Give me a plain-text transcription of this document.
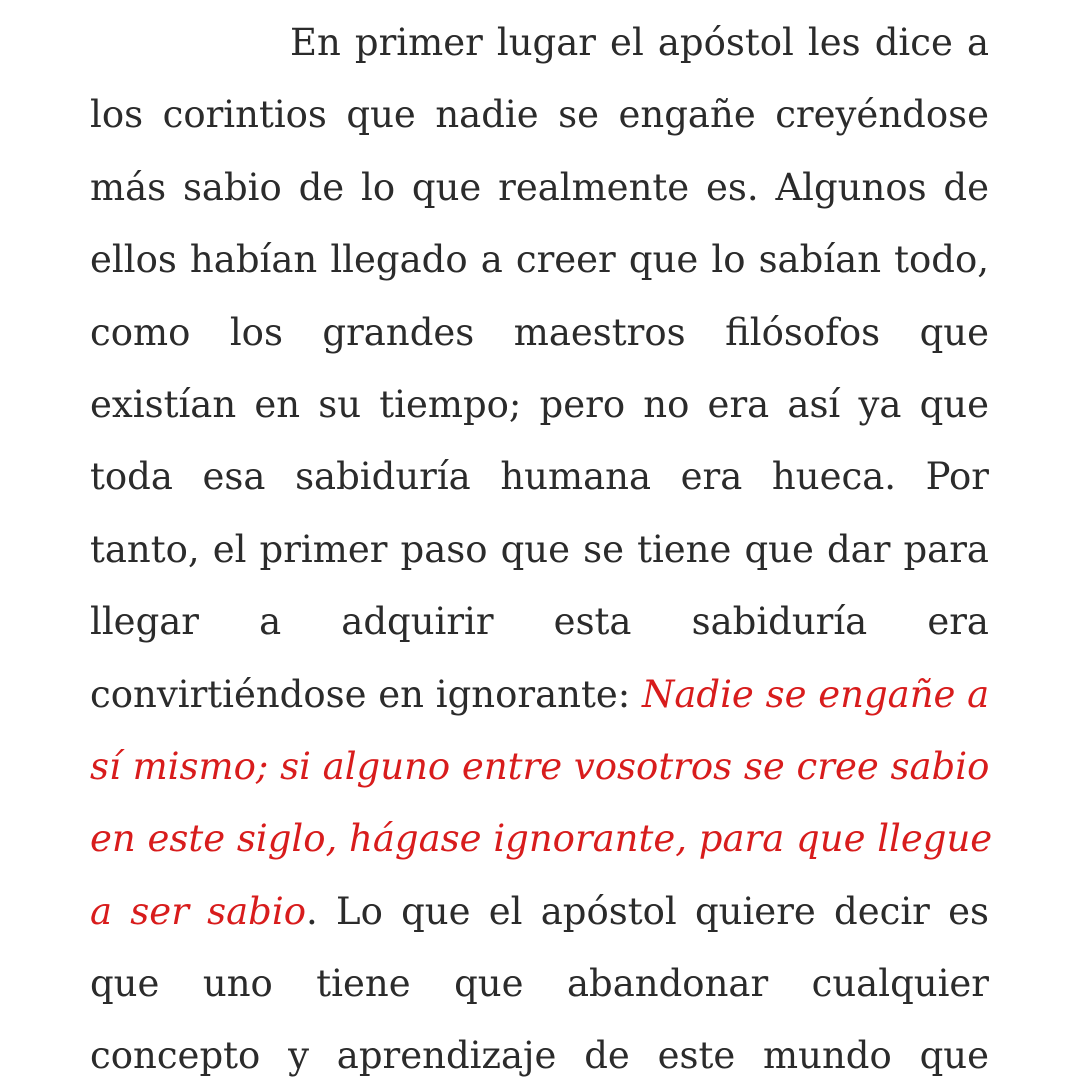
En primer lugar el apóstol les dice a
los corintios que nadie se engañe creyéndose
más sabio de lo que realmente es. Algunos de
ellos habían llegado a creer que lo sabían todo,
como los grandes maestros filósofos que
existían en su tiempo; pero no era así ya que
toda esa sabiduría humana era hueca. Por
tanto, el primer paso que se tiene que dar para
llegar a adquirir esta sabiduría era
convirtiéndose en ignorante: Nadie se engañe a
sí mismo; si alguno entre vosotros se cree sabio
en este siglo, hágase ignorante, para que llegue
a ser sabio. Lo que el apóstol quiere decir es
que uno tiene que abandonar cualquier
concepto y aprendizaje de este mundo que
